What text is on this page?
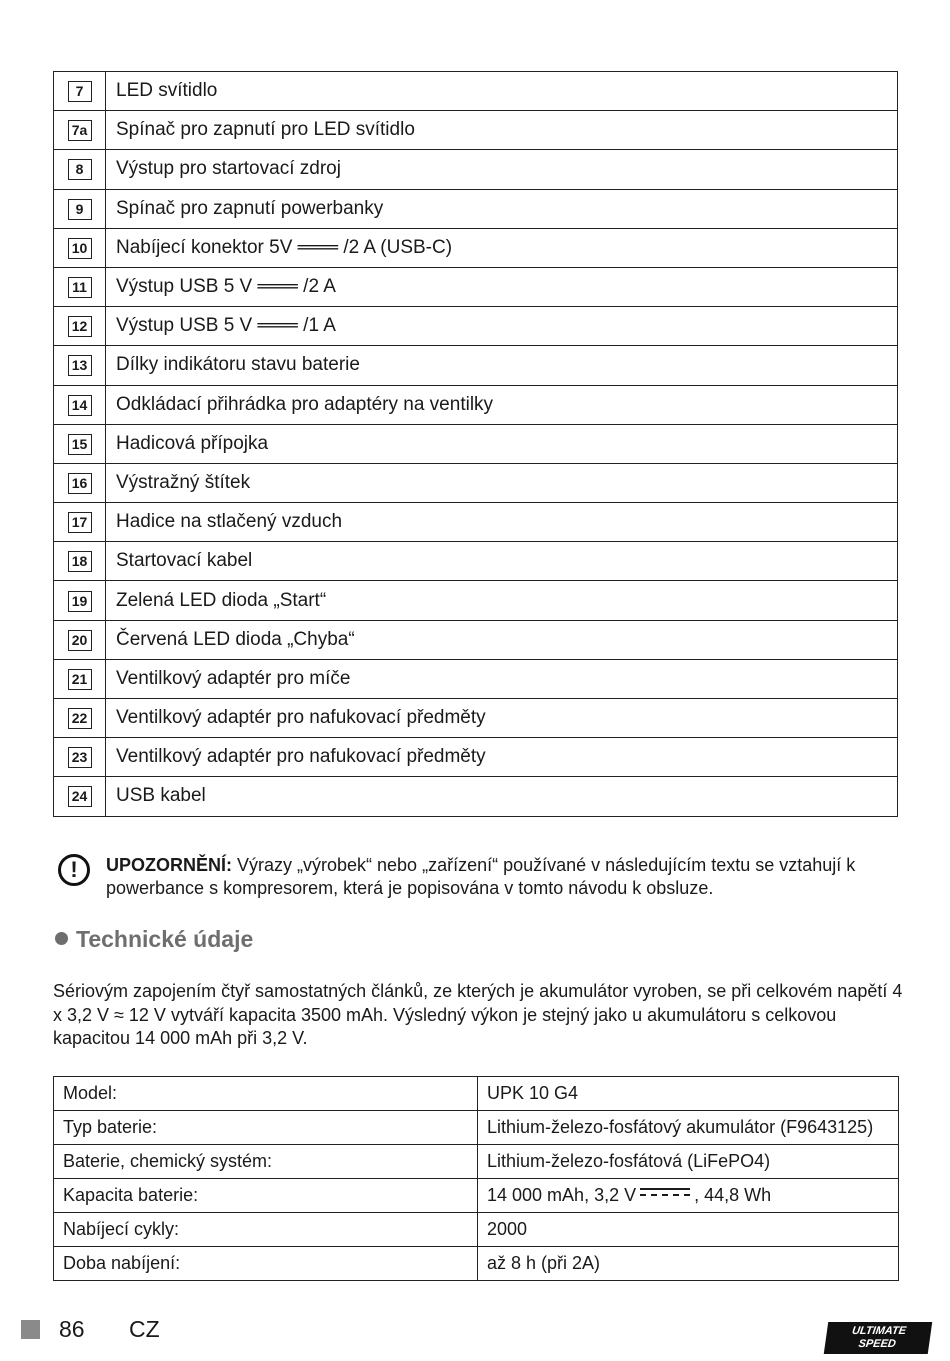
7	LED svítidlo
7a	Spínač pro zapnutí pro LED svítidlo
8	Výstup pro startovací zdroj
9	Spínač pro zapnutí powerbanky
10	Nabíjecí konektor 5V ═══ /2 A (USB-C)
11	Výstup USB 5 V ═══ /2 A
12	Výstup USB 5 V ═══ /1 A
13	Dílky indikátoru stavu baterie
14	Odkládací přihrádka pro adaptéry na ventilky
15	Hadicová přípojka
16	Výstražný štítek
17	Hadice na stlačený vzduch
18	Startovací kabel
19	Zelená LED dioda „Start“
20	Červená LED dioda „Chyba“
21	Ventilkový adaptér pro míče
22	Ventilkový adaptér pro nafukovací předměty
23	Ventilkový adaptér pro nafukovací předměty
24	USB kabel
!	UPOZORNĚNÍ: Výrazy „výrobek“ nebo „zařízení“ používané v následujícím textu se vztahují k powerbance s kompresorem, která je popisována v tomto návodu k obsluze.
Technické údaje

Sériovým zapojením čtyř samostatných článků, ze kterých je akumulátor vyroben, se při celkovém napětí 4 x 3,2 V ≈ 12 V vytváří kapacita 3500 mAh. Výsledný výkon je stejný jako u akumulátoru s celkovou kapacitou 14 000 mAh při 3,2 V.

Model:	UPK 10 G4
Typ baterie:	Lithium-železo-fosfátový akumulátor (F9643125)
Baterie, chemický systém:	Lithium-železo-fosfátová (LiFePO4)
Kapacita baterie:	14 000 mAh, 3,2 V , 44,8 Wh
Nabíjecí cykly:	2000
Doba nabíjení:	až 8 h (při 2A)
86 CZ	ULTIMATE
SPEED
